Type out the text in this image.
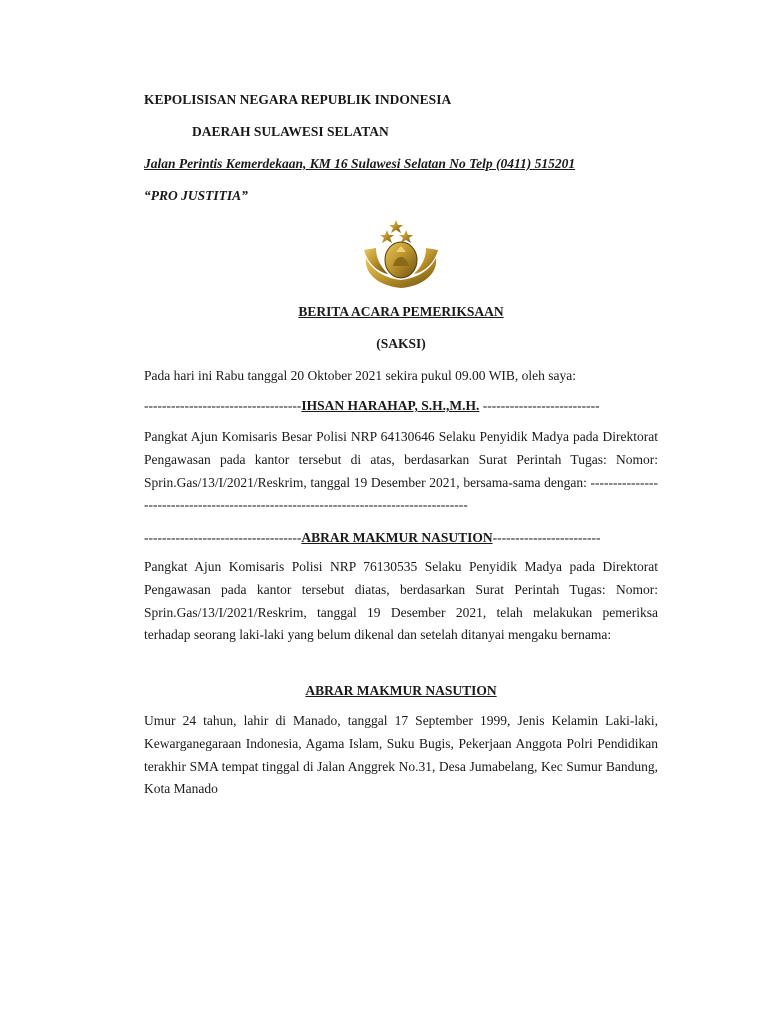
KEPOLISISAN NEGARA REPUBLIK INDONESIA
DAERAH SULAWESI SELATAN
Jalan Perintis Kemerdekaan, KM 16 Sulawesi Selatan No Telp (0411) 515201
“PRO JUSTITIA”
BERITA ACARA PEMERIKSAAN
(SAKSI)
Pada hari ini Rabu tanggal 20 Oktober 2021 sekira pukul 09.00 WIB, oleh saya:
-----------------------------------IHSAN HARAHAP, S.H.,M.H. --------------------------
Pangkat Ajun Komisaris Besar Polisi NRP 64130646 Selaku Penyidik Madya pada Direktorat Pengawasan pada kantor tersebut di atas, berdasarkan Surat Perintah Tugas: Nomor: Sprin.Gas/13/I/2021/Reskrim, tanggal 19 Desember 2021, bersama-sama dengan: ---------------------------------------------------------------------------------------
-----------------------------------ABRAR MAKMUR NASUTION------------------------
Pangkat Ajun Komisaris Polisi NRP 76130535 Selaku Penyidik Madya pada Direktorat Pengawasan pada kantor tersebut diatas, berdasarkan Surat Perintah Tugas: Nomor: Sprin.Gas/13/I/2021/Reskrim, tanggal 19 Desember 2021, telah melakukan pemeriksa terhadap seorang laki-laki yang belum dikenal dan setelah ditanyai mengaku bernama:
ABRAR MAKMUR NASUTION
Umur 24 tahun, lahir di Manado, tanggal 17 September 1999, Jenis Kelamin Laki-laki, Kewarganegaraan Indonesia, Agama Islam, Suku Bugis, Pekerjaan Anggota Polri Pendidikan terakhir SMA tempat tinggal di Jalan Anggrek No.31, Desa Jumabelang, Kec Sumur Bandung, Kota Manado
